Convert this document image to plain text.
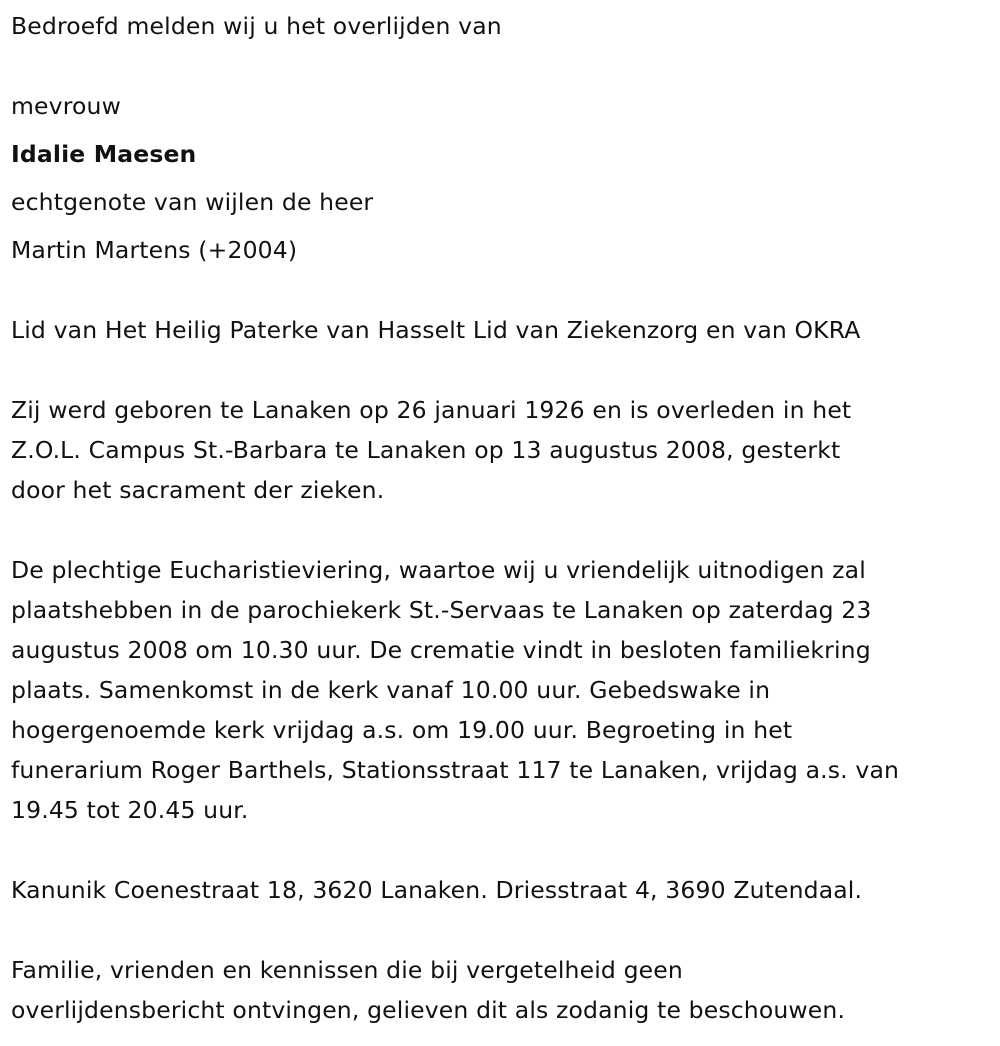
Bedroefd melden wij u het overlijden van

mevrouw

Idalie Maesen

echtgenote van wijlen de heer

Martin Martens (+2004)

Lid van Het Heilig Paterke van Hasselt Lid van Ziekenzorg en van OKRA

Zij werd geboren te Lanaken op 26 januari 1926 en is overleden in het

Z.O.L. Campus St.-Barbara te Lanaken op 13 augustus 2008, gesterkt

door het sacrament der zieken.

De plechtige Eucharistieviering, waartoe wij u vriendelijk uitnodigen zal

plaatshebben in de parochiekerk St.-Servaas te Lanaken op zaterdag 23

augustus 2008 om 10.30 uur. De crematie vindt in besloten familiekring

plaats. Samenkomst in de kerk vanaf 10.00 uur. Gebedswake in

hogergenoemde kerk vrijdag a.s. om 19.00 uur. Begroeting in het

funerarium Roger Barthels, Stationsstraat 117 te Lanaken, vrijdag a.s. van

19.45 tot 20.45 uur.

Kanunik Coenestraat 18, 3620 Lanaken. Driesstraat 4, 3690 Zutendaal.

Familie, vrienden en kennissen die bij vergetelheid geen

overlijdensbericht ontvingen, gelieven dit als zodanig te beschouwen.
